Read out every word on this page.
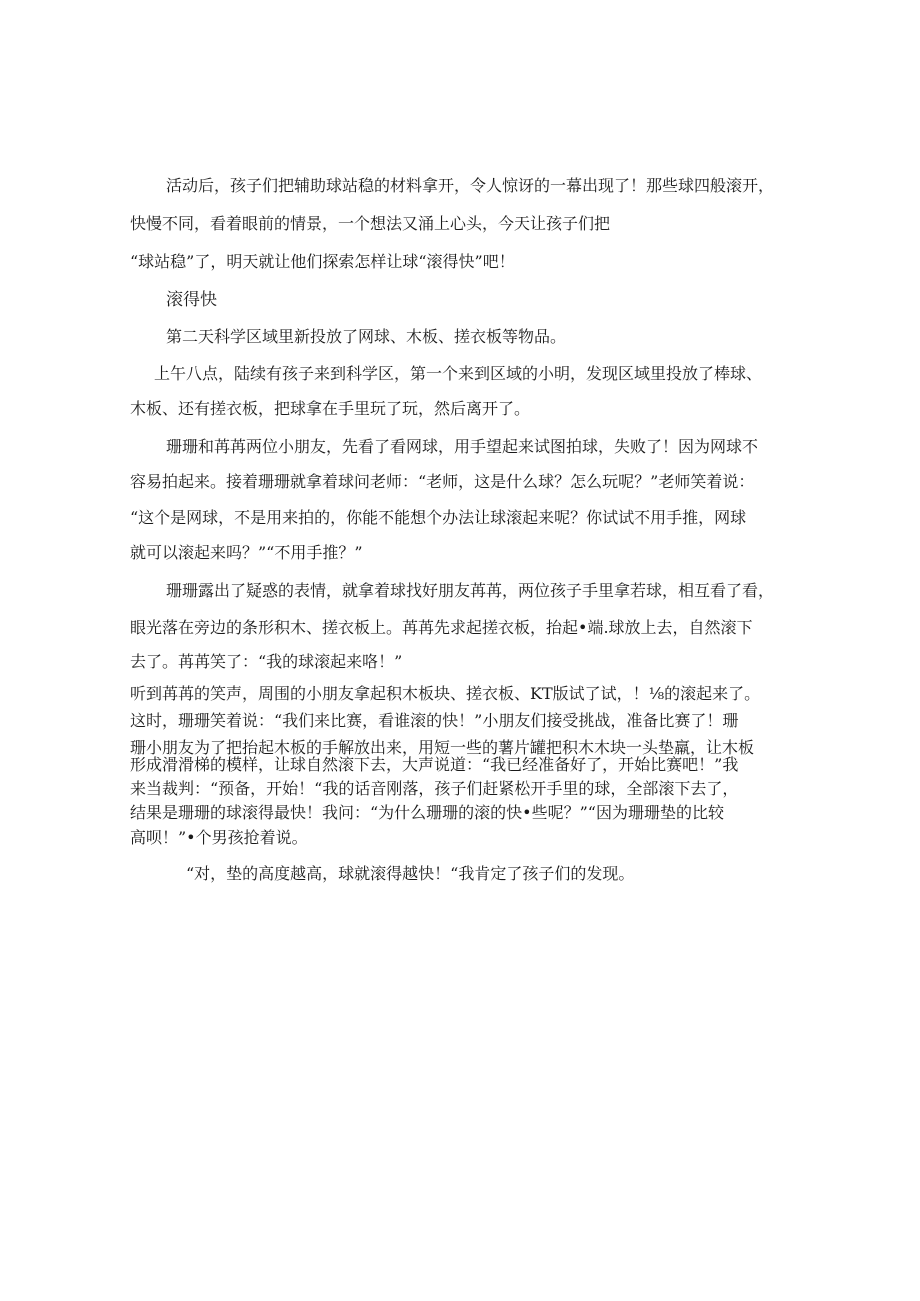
活动后，孩子们把辅助球站稳的材料拿开，令人惊讶的一幕出现了！那些球四般滚开，
快慢不同，看着眼前的情景，一个想法又涌上心头，今天让孩子们把
“球站稳”了，明天就让他们探索怎样让球“滚得快”吧！
滚得快
第二天科学区域里新投放了网球、木板、搓衣板等物品。
上午八点，陆续有孩子来到科学区，第一个来到区域的小明，发现区域里投放了棒球、
木板、还有搓衣板，把球拿在手里玩了玩，然后离开了。
珊珊和苒苒两位小朋友，先看了看网球，用手望起来试图拍球，失败了！因为网球不
容易拍起来。接着珊珊就拿着球问老师：“老师，这是什么球？怎么玩呢？”老师笑着说：
“这个是网球，不是用来拍的，你能不能想个办法让球滚起来呢？你试试不用手推，网球
就可以滚起来吗？”“不用手推？”
珊珊露出了疑惑的表情，就拿着球找好朋友苒苒，两位孩子手里拿若球，相互看了看，
眼光落在旁边的条形积木、搓衣板上。苒苒先求起搓衣板，抬起•端.球放上去，自然滚下
去了。苒苒笑了：“我的球滚起来咯！”
听到苒苒的笑声，周围的小朋友拿起积木板块、搓衣板、KT版试了试，！⅛的滚起来了。
这时，珊珊笑着说：“我们来比赛，看谁滚的快！”小朋友们接受挑战，准备比赛了！珊
珊小朋友为了把抬起木板的手解放出来，用短一些的薯片罐把积木木块一头垫羸，让木板
形成滑滑梯的模样，让球自然滚下去，大声说道：“我已经准备好了，开始比赛吧！”我
来当裁判：“预备，开始！“我的话音刚落，孩子们赶紧松开手里的球，全部滚下去了，
结果是珊珊的球滚得最快！我问：“为什么珊珊的滚的快•些呢？”“因为珊珊垫的比较
高呗！”•个男孩抢着说。
“对，垫的高度越高，球就滚得越快！“我肯定了孩子们的发现。
